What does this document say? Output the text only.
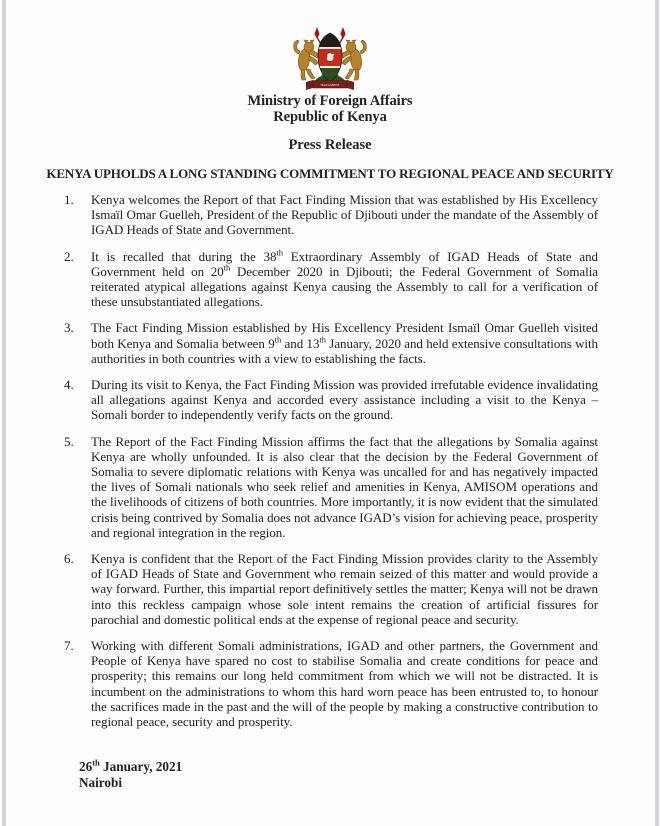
HARAMBEE
Ministry of Foreign Affairs
Republic of Kenya
Press Release
KENYA UPHOLDS A LONG STANDING COMMITMENT TO REGIONAL PEACE AND SECURITY
1.	Kenya welcomes the Report of that Fact Finding Mission that was established by His Excellency Ismaïl Omar Guelleh, President of the Republic of Djibouti under the mandate of the Assembly of IGAD Heads of State and Government.
2.	It is recalled that during the 38th Extraordinary Assembly of IGAD Heads of State and Government held on 20th December 2020 in Djibouti; the Federal Government of Somalia reiterated atypical allegations against Kenya causing the Assembly to call for a verification of these unsubstantiated allegations.
3.	The Fact Finding Mission established by His Excellency President Ismaïl Omar Guelleh visited both Kenya and Somalia between 9th and 13th January, 2020 and held extensive consultations with authorities in both countries with a view to establishing the facts.
4.	During its visit to Kenya, the Fact Finding Mission was provided irrefutable evidence invalidating all allegations against Kenya and accorded every assistance including a visit to the Kenya – Somali border to independently verify facts on the ground.
5.	The Report of the Fact Finding Mission affirms the fact that the allegations by Somalia against Kenya are wholly unfounded. It is also clear that the decision by the Federal Government of Somalia to severe diplomatic relations with Kenya was uncalled for and has negatively impacted the lives of Somali nationals who seek relief and amenities in Kenya, AMISOM operations and the livelihoods of citizens of both countries. More importantly, it is now evident that the simulated crisis being contrived by Somalia does not advance IGAD’s vision for achieving peace, prosperity and regional integration in the region.
6.	Kenya is confident that the Report of the Fact Finding Mission provides clarity to the Assembly of IGAD Heads of State and Government who remain seized of this matter and would provide a way forward. Further, this impartial report definitively settles the matter; Kenya will not be drawn into this reckless campaign whose sole intent remains the creation of artificial fissures for parochial and domestic political ends at the expense of regional peace and security.
7.	Working with different Somali administrations, IGAD and other partners, the Government and People of Kenya have spared no cost to stabilise Somalia and create conditions for peace and prosperity; this remains our long held commitment from which we will not be distracted. It is incumbent on the administrations to whom this hard worn peace has been entrusted to, to honour the sacrifices made in the past and the will of the people by making a constructive contribution to regional peace, security and prosperity.
26th January, 2021
Nairobi
